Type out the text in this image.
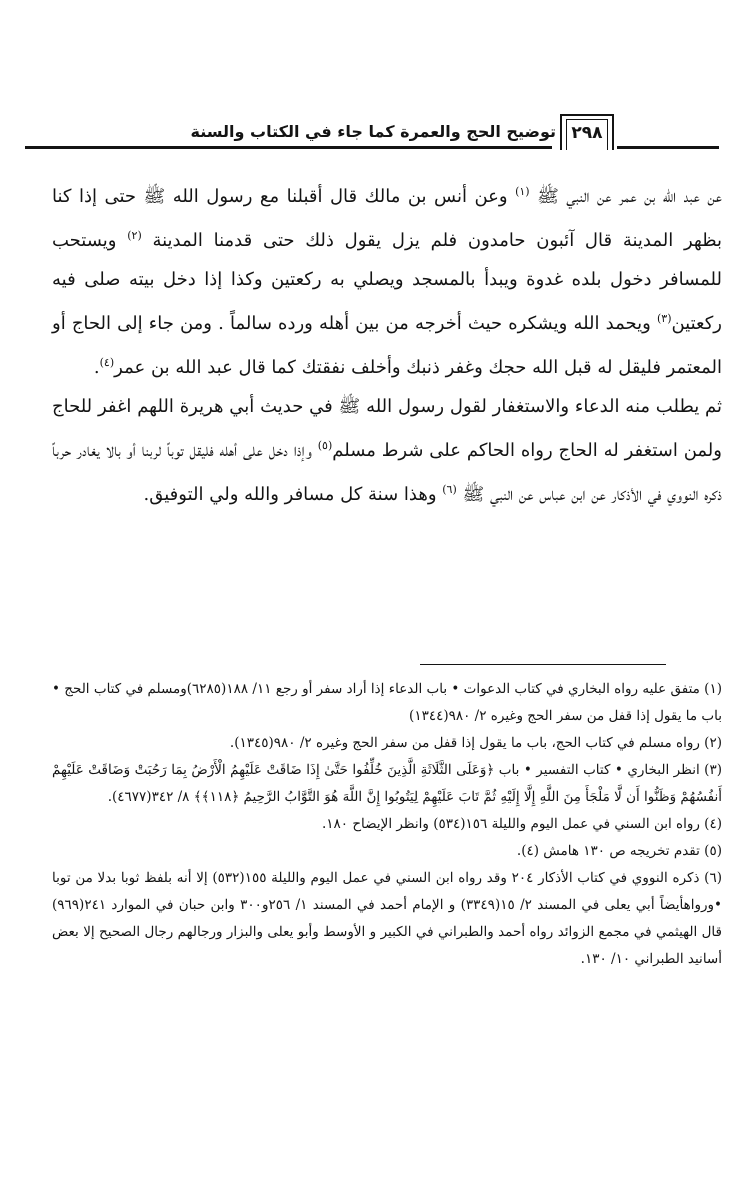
توضيح الحج والعمرة كما جاء في الكتاب والسنة ٢٩٨

عن عبد الله بن عمر عن النبي ﷺ $^{(١)}$ وعن أنس بن مالك قال أقبلنا مع رسول الله ﷺ حتى إذا كنا بظهر المدينة قال آئبون حامدون فلم يزل يقول ذلك حتى قدمنا المدينة $^{(٢)}$ ويستحب للمسافر دخول بلده غدوة ويبدأ بالمسجد ويصلي به ركعتين وكذا إذا دخل بيته صلى فيه ركعتين$^{(٣)}$ ويحمد الله ويشكره حيث أخرجه من بين أهله ورده سالماً . ومن جاء إلى الحاج أو المعتمر فليقل له قبل الله حجك وغفر ذنبك وأخلف نفقتك كما قال عبد الله بن عمر$^{(٤)}$.

ثم يطلب منه الدعاء والاستغفار لقول رسول الله ﷺ في حديث أبي هريرة اللهم اغفر للحاج ولمن استغفر له الحاج رواه الحاكم على شرط مسلم$^{(٥)}$ وإذا دخل على أهله فليقل توباً لربنا أو بالا يغادر حرباً ذكره النووي في الأذكار عن ابن عباس عن النبي ﷺ $^{(٦)}$ وهذا سنة كل مسافر والله ولي التوفيق.

(١) متفق عليه رواه البخاري في كتاب الدعوات • باب الدعاء إذا أراد سفر أو رجع ١١/ ١٨٨(٦٢٨٥)ومسلم في كتاب الحج • باب ما يقول إذا قفل من سفر الحج وغيره ٢/ ٩٨٠(١٣٤٤)

(٢) رواه مسلم في كتاب الحج، باب ما يقول إذا قفل من سفر الحج وغيره ٢/ ٩٨٠(١٣٤٥).

(٣) انظر البخاري • كتاب التفسير • باب ﴿وَعَلَى الثَّلَاثَةِ الَّذِينَ خُلِّفُوا حَتَّىٰ إِذَا ضَاقَتْ عَلَيْهِمُ الْأَرْضُ بِمَا رَحُبَتْ وَضَاقَتْ عَلَيْهِمْ أَنفُسُهُمْ وَظَنُّوا أَن لَّا مَلْجَأَ مِنَ اللَّهِ إِلَّا إِلَيْهِ ثُمَّ تَابَ عَلَيْهِمْ لِيَتُوبُوا إِنَّ اللَّهَ هُوَ التَّوَّابُ الرَّحِيمُ ﴿١١٨﴾﴾ ٨/ ٣٤٢(٤٦٧٧).

(٤) رواه ابن السني في عمل اليوم والليلة ١٥٦(٥٣٤) وانظر الإيضاح ١٨٠.

(٥) تقدم تخريجه ص ١٣٠ هامش (٤).

(٦) ذكره النووي في كتاب الأذكار ٢٠٤ وقد رواه ابن السني في عمل اليوم والليلة ١٥٥(٥٣٢) إلا أنه بلفظ ثوبا بدلا من توبا •ورواهأيضاً أبي يعلى في المسند ٢/ ١٥(٣٣٤٩) و الإمام أحمد في المسند ١/ ٢٥٦و٣٠٠ وابن حبان في الموارد ٢٤١(٩٦٩) قال الهيثمي في مجمع الزوائد رواه أحمد والطبراني في الكبير و الأوسط وأبو يعلى والبزار ورجالهم رجال الصحيح إلا بعض أسانيد الطبراني ١٠/ ١٣٠.
